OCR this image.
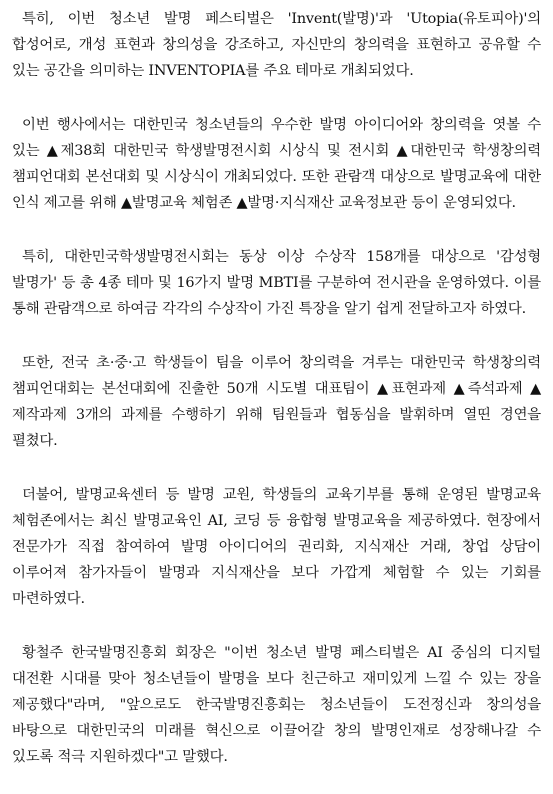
특히, 이번 청소년 발명 페스티벌은 'Invent(발명)'과 'Utopia(유토피아)'의 합성어로, 개성 표현과 창의성을 강조하고, 자신만의 창의력을 표현하고 공유할 수 있는 공간을 의미하는 INVENTOPIA를 주요 테마로 개최되었다.

이번 행사에서는 대한민국 청소년들의 우수한 발명 아이디어와 창의력을 엿볼 수 있는 ▲제38회 대한민국 학생발명전시회 시상식 및 전시회 ▲대한민국 학생창의력 챔피언대회 본선대회 및 시상식이 개최되었다. 또한 관람객 대상으로 발명교육에 대한 인식 제고를 위해 ▲발명교육 체험존 ▲발명·지식재산 교육정보관 등이 운영되었다.

특히, 대한민국학생발명전시회는 동상 이상 수상작 158개를 대상으로 '감성형 발명가' 등 총 4종 테마 및 16가지 발명 MBTI를 구분하여 전시관을 운영하였다. 이를 통해 관람객으로 하여금 각각의 수상작이 가진 특장을 알기 쉽게 전달하고자 하였다.

또한, 전국 초·중·고 학생들이 팀을 이루어 창의력을 겨루는 대한민국 학생창의력 챔피언대회는 본선대회에 진출한 50개 시도별 대표팀이 ▲표현과제 ▲즉석과제 ▲제작과제 3개의 과제를 수행하기 위해 팀원들과 협동심을 발휘하며 열띤 경연을 펼쳤다.

더불어, 발명교육센터 등 발명 교원, 학생들의 교육기부를 통해 운영된 발명교육 체험존에서는 최신 발명교육인 AI, 코딩 등 융합형 발명교육을 제공하였다. 현장에서 전문가가 직접 참여하여 발명 아이디어의 권리화, 지식재산 거래, 창업 상담이 이루어져 참가자들이 발명과 지식재산을 보다 가깝게 체험할 수 있는 기회를 마련하였다.

황철주 한국발명진흥회 회장은 "이번 청소년 발명 페스티벌은 AI 중심의 디지털 대전환 시대를 맞아 청소년들이 발명을 보다 친근하고 재미있게 느낄 수 있는 장을 제공했다"라며, "앞으로도 한국발명진흥회는 청소년들이 도전정신과 창의성을 바탕으로 대한민국의 미래를 혁신으로 이끌어갈 창의 발명인재로 성장해나갈 수 있도록 적극 지원하겠다"고 말했다.
